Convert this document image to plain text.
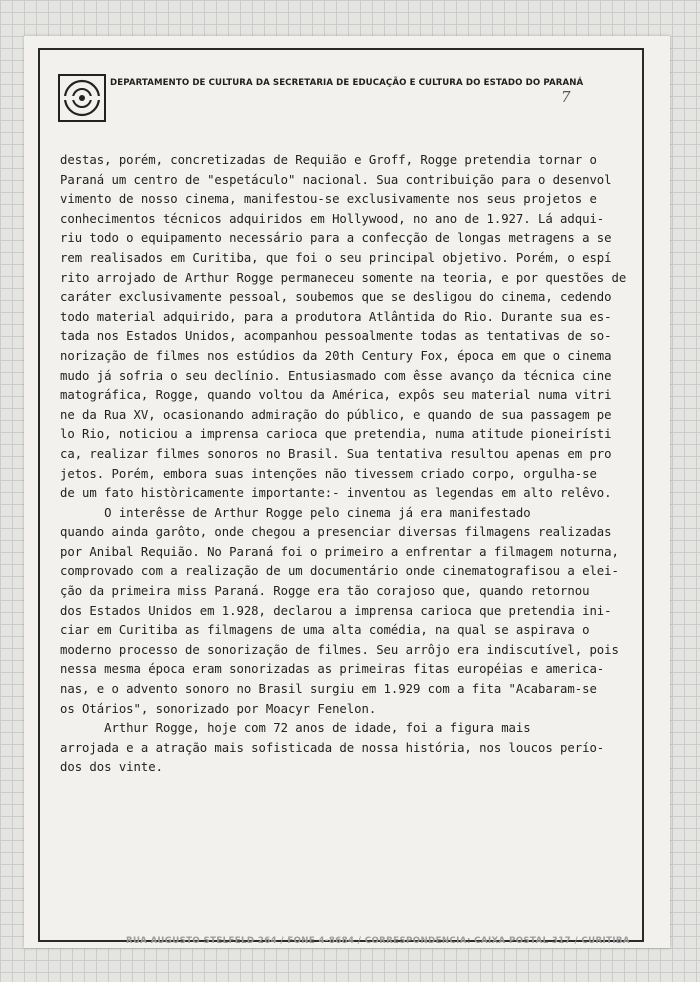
DEPARTAMENTO DE CULTURA DA SECRETARIA DE EDUCAÇÃO E CULTURA DO ESTADO DO PARANÁ
7
destas, porém, concretizadas de Requião e Groff, Rogge pretendia tornar o
Paraná um centro de "espetáculo" nacional. Sua contribuição para o desenvol
vimento de nosso cinema, manifestou-se exclusivamente nos seus projetos e
conhecimentos técnicos adquiridos em Hollywood, no ano de 1.927. Lá adqui-
riu todo o equipamento necessário para a confecção de longas metragens a se
rem realisados em Curitiba, que foi o seu principal objetivo. Porém, o espí
rito arrojado de Arthur Rogge permaneceu somente na teoria, e por questões de
caráter exclusivamente pessoal, soubemos que se desligou do cinema, cedendo
todo material adquirido, para a produtora Atlântida do Rio. Durante sua es-
tada nos Estados Unidos, acompanhou pessoalmente todas as tentativas de so-
norização de filmes nos estúdios da 20th Century Fox, época em que o cinema
mudo já sofria o seu declínio. Entusiasmado com êsse avanço da técnica cine
matográfica, Rogge, quando voltou da América, expôs seu material numa vitri
ne da Rua XV, ocasionando admiração do público, e quando de sua passagem pe
lo Rio, noticiou a imprensa carioca que pretendia, numa atitude pioneirísti
ca, realizar filmes sonoros no Brasil. Sua tentativa resultou apenas em pro
jetos. Porém, embora suas intenções não tivessem criado corpo, orgulha-se
de um fato històricamente importante:- inventou as legendas em alto relêvo.
O interêsse de Arthur Rogge pelo cinema já era manifestado
quando ainda garôto, onde chegou a presenciar diversas filmagens realizadas
por Anibal Requião. No Paraná foi o primeiro a enfrentar a filmagem noturna,
comprovado com a realização de um documentário onde cinematografisou a elei-
ção da primeira miss Paraná. Rogge era tão corajoso que, quando retornou
dos Estados Unidos em 1.928, declarou a imprensa carioca que pretendia ini-
ciar em Curitiba as filmagens de uma alta comédia, na qual se aspirava o
moderno processo de sonorização de filmes. Seu arrôjo era indiscutível, pois
nessa mesma época eram sonorizadas as primeiras fitas européias e america-
nas, e o advento sonoro no Brasil surgiu em 1.929 com a fita "Acabaram-se
os Otários", sonorizado por Moacyr Fenelon.
Arthur Rogge, hoje com 72 anos de idade, foi a figura mais
arrojada e a atração mais sofisticada de nossa história, nos loucos perío-
dos dos vinte.
RUA AUGUSTO STELFELD 264 / FONE 4-8684 / CORRESPONDENCIA: CAIXA POSTAL 317 / CURITIBA
